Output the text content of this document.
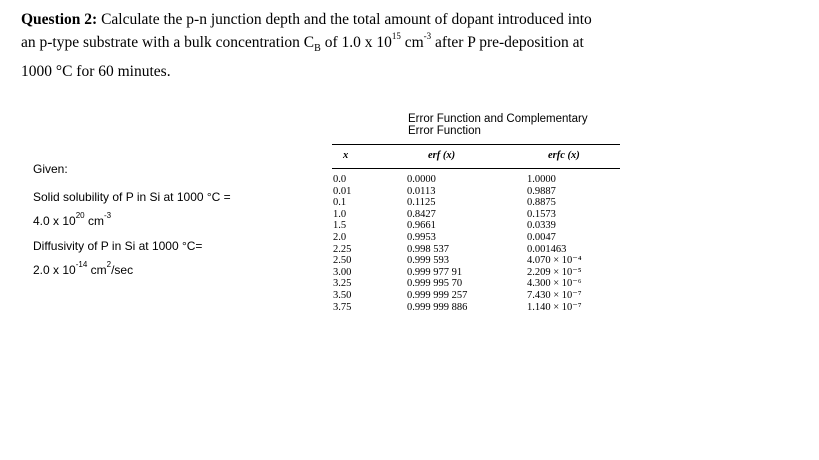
Question 2: Calculate the p-n junction depth and the total amount of dopant introduced into
an p-type substrate with a bulk concentration $C_B$ of 1.0 x $10^{15}$ $cm^{-3}$ after P pre-deposition at
1000 °C for 60 minutes.
Given:
Solid solubility of P in Si at 1000 °C =
4.0 x $10^{20}$ $cm^{-3}$
Diffusivity of P in Si at 1000 °C=
2.0 x $10^{-14}$ $cm^2/\sec$
Error Function and Complementary
Error Function
x	erf (x)	erfc (x)
0.0
0.01
0.1
1.0
1.5
2.0
2.25
2.50
3.00
3.25
3.50
3.75
0.0000
0.0113
0.1125
0.8427
0.9661
0.9953
0.998 537
0.999 593
0.999 977 91
0.999 995 70
0.999 999 257
0.999 999 886
1.0000
0.9887
0.8875
0.1573
0.0339
0.0047
0.001463
4.070 × 10⁻⁴
2.209 × 10⁻⁵
4.300 × 10⁻⁶
7.430 × 10⁻⁷
1.140 × 10⁻⁷
